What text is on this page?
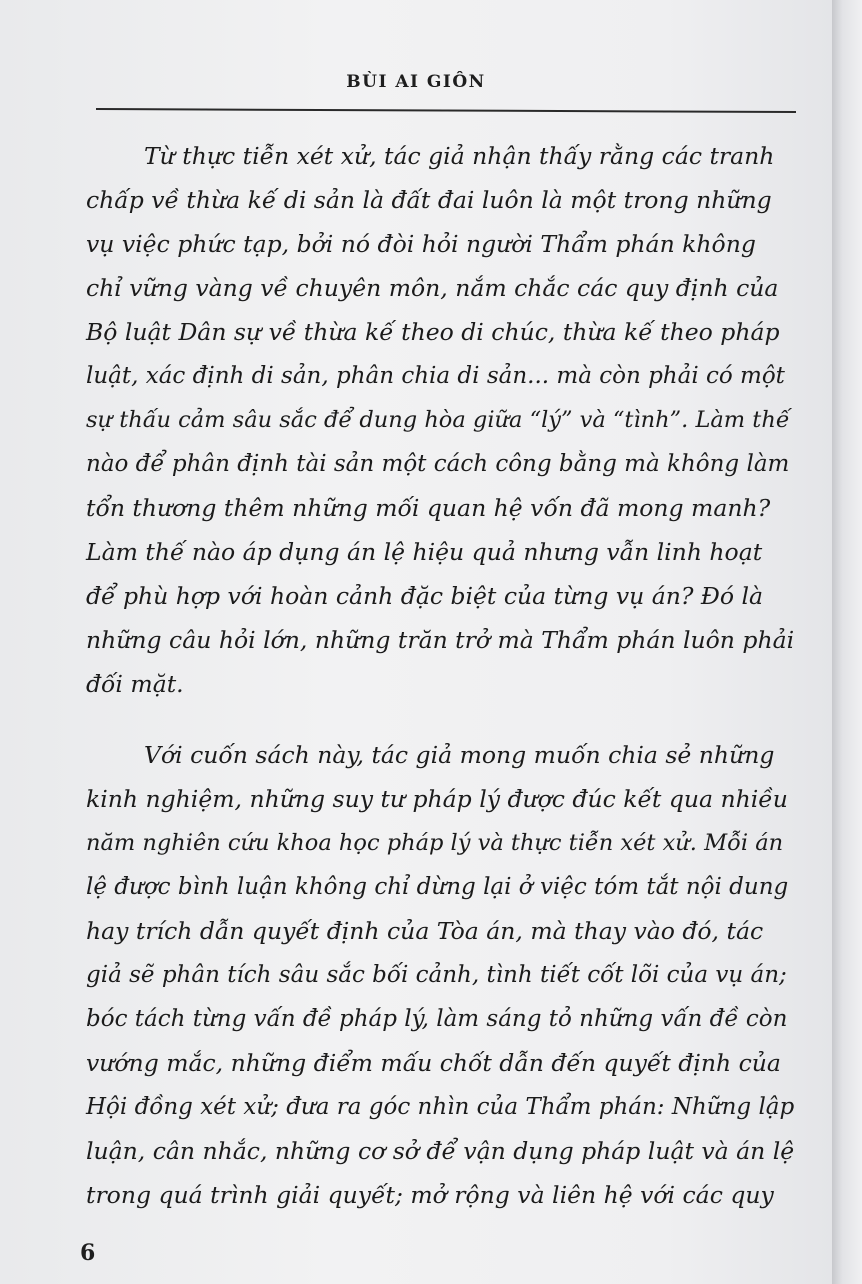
BÙI AI GIÔN
Từ thực tiễn xét xử, tác giả nhận thấy rằng các tranh
chấp về thừa kế di sản là đất đai luôn là một trong những
vụ việc phức tạp, bởi nó đòi hỏi người Thẩm phán không
chỉ vững vàng về chuyên môn, nắm chắc các quy định của
Bộ luật Dân sự về thừa kế theo di chúc, thừa kế theo pháp
luật, xác định di sản, phân chia di sản... mà còn phải có một
sự thấu cảm sâu sắc để dung hòa giữa “lý” và “tình”. Làm thế
nào để phân định tài sản một cách công bằng mà không làm
tổn thương thêm những mối quan hệ vốn đã mong manh?
Làm thế nào áp dụng án lệ hiệu quả nhưng vẫn linh hoạt
để phù hợp với hoàn cảnh đặc biệt của từng vụ án? Đó là
những câu hỏi lớn, những trăn trở mà Thẩm phán luôn phải
đối mặt.
Với cuốn sách này, tác giả mong muốn chia sẻ những
kinh nghiệm, những suy tư pháp lý được đúc kết qua nhiều
năm nghiên cứu khoa học pháp lý và thực tiễn xét xử. Mỗi án
lệ được bình luận không chỉ dừng lại ở việc tóm tắt nội dung
hay trích dẫn quyết định của Tòa án, mà thay vào đó, tác
giả sẽ phân tích sâu sắc bối cảnh, tình tiết cốt lõi của vụ án;
bóc tách từng vấn đề pháp lý, làm sáng tỏ những vấn đề còn
vướng mắc, những điểm mấu chốt dẫn đến quyết định của
Hội đồng xét xử; đưa ra góc nhìn của Thẩm phán: Những lập
luận, cân nhắc, những cơ sở để vận dụng pháp luật và án lệ
trong quá trình giải quyết; mở rộng và liên hệ với các quy
6
